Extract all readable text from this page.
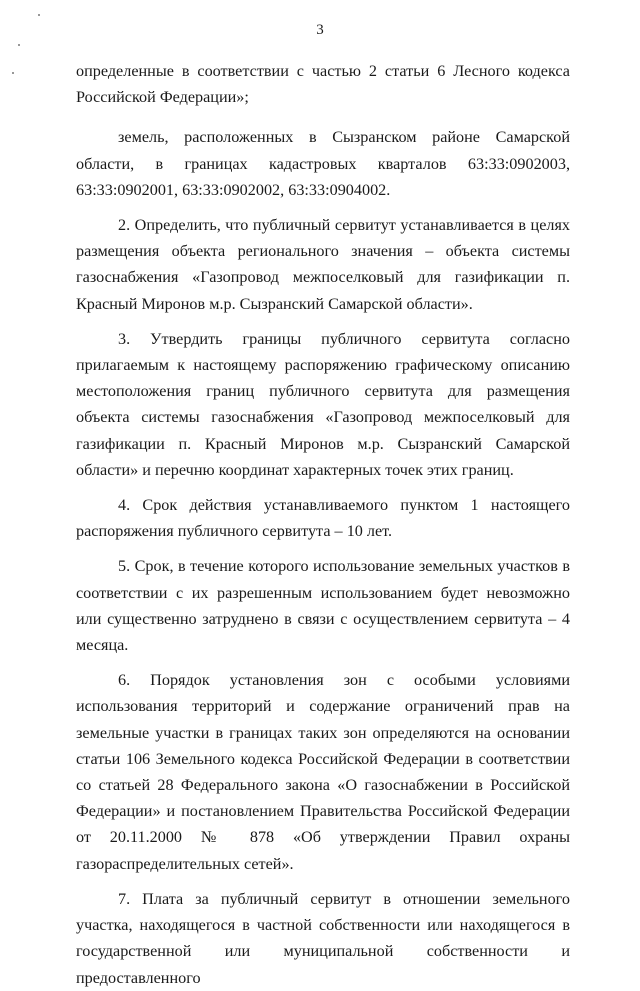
3

определенные в соответствии с частью 2 статьи 6 Лесного кодекса Российской Федерации»;

земель, расположенных в Сызранском районе Самарской области, в границах кадастровых кварталов 63:33:0902003, 63:33:0902001, 63:33:0902002, 63:33:0904002.

2. Определить, что публичный сервитут устанавливается в целях размещения объекта регионального значения – объекта системы газоснабжения «Газопровод межпоселковый для газификации п. Красный Миронов м.р. Сызранский Самарской области».

3. Утвердить границы публичного сервитута согласно прилагаемым к настоящему распоряжению графическому описанию местоположения границ публичного сервитута для размещения объекта системы газоснабжения «Газопровод межпоселковый для газификации п. Красный Миронов м.р. Сызранский Самарской области» и перечню координат характерных точек этих границ.

4. Срок действия устанавливаемого пунктом 1 настоящего распоряжения публичного сервитута – 10 лет.

5. Срок, в течение которого использование земельных участков в соответствии с их разрешенным использованием будет невозможно или существенно затруднено в связи с осуществлением сервитута – 4 месяца.

6. Порядок установления зон с особыми условиями использования территорий и содержание ограничений прав на земельные участки в границах таких зон определяются на основании статьи 106 Земельного кодекса Российской Федерации в соответствии со статьей 28 Федерального закона «О газоснабжении в Российской Федерации» и постановлением Правительства Российской Федерации от 20.11.2000 № 878 «Об утверждении Правил охраны газораспределительных сетей».

7. Плата за публичный сервитут в отношении земельного участка, находящегося в частной собственности или находящегося в государственной или муниципальной собственности и предоставленного
